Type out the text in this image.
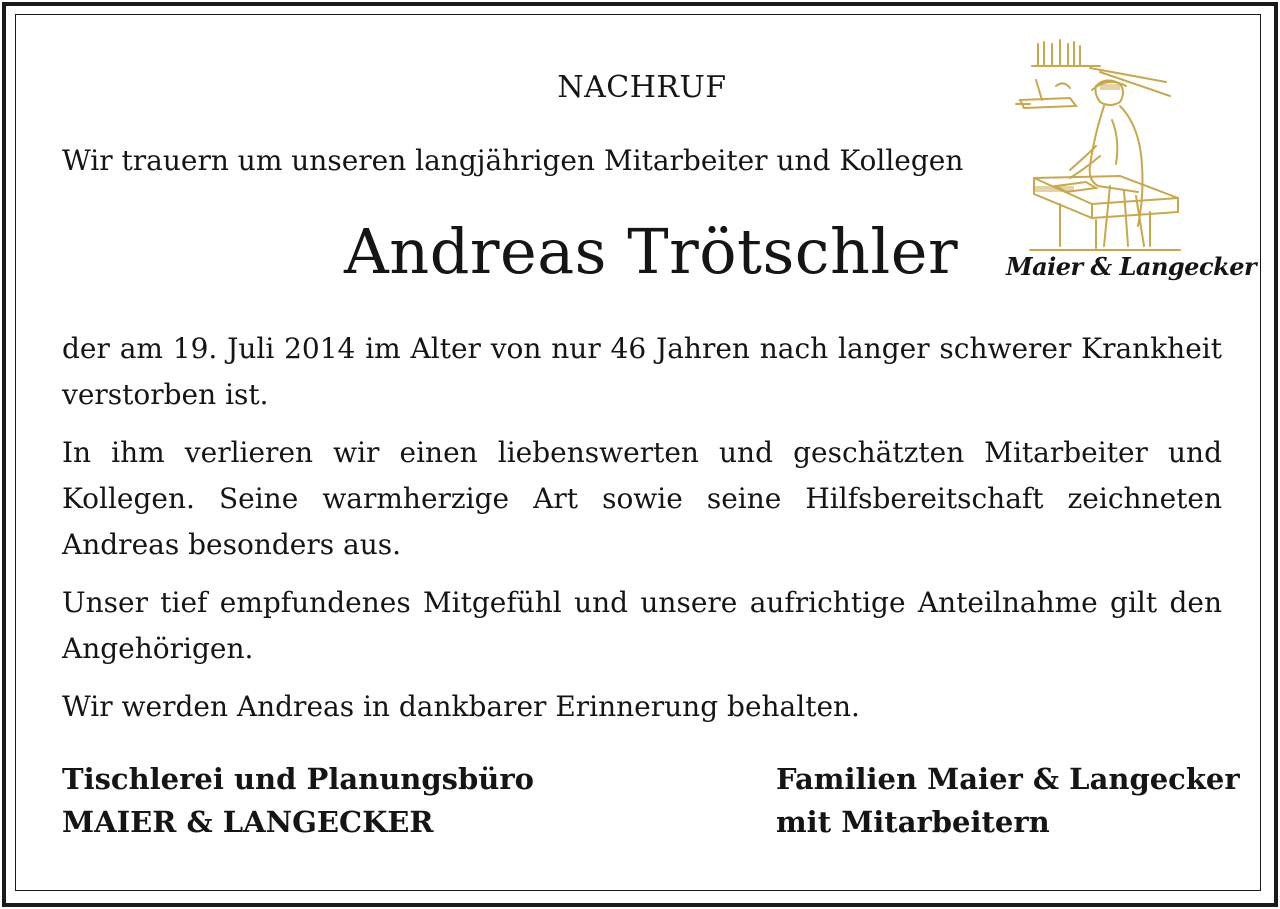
NACHRUF
Wir trauern um unseren langjährigen Mitarbeiter und Kollegen
Andreas Trötschler Maier & Langecker

der am 19. Juli 2014 im Alter von nur 46 Jahren nach langer schwerer Krankheit verstorben ist.

In ihm verlieren wir einen liebenswerten und geschätzten Mitarbeiter und Kollegen. Seine warmherzige Art sowie seine Hilfsbereitschaft zeichneten Andreas besonders aus.

Unser tief empfundenes Mitgefühl und unsere aufrichtige Anteilnahme gilt den Angehörigen.

Wir werden Andreas in dankbarer Erinnerung behalten.

Tischlerei und Planungsbüro
MAIER & LANGECKER
Familien Maier & Langecker
mit Mitarbeitern
